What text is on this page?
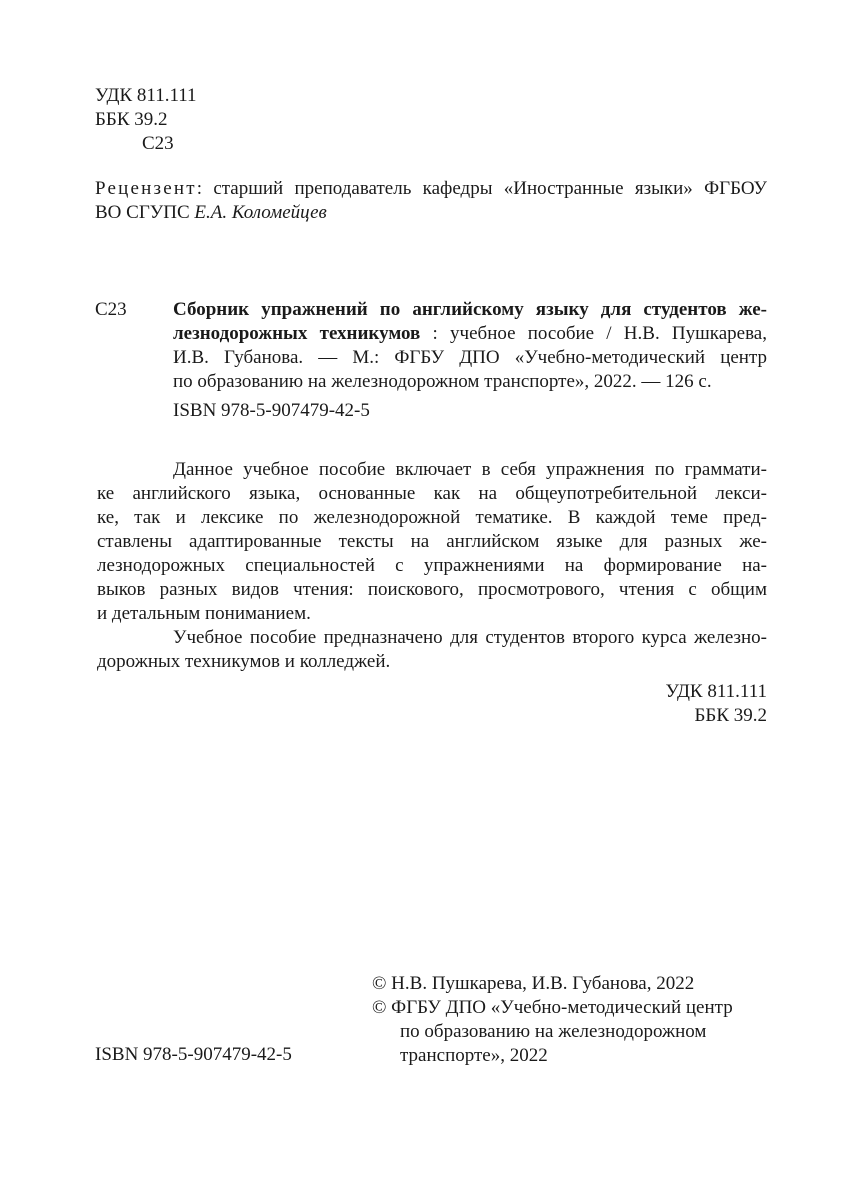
УДК 811.111
ББК 39.2
С23
Рецензент: старший преподаватель кафедры «Иностранные языки» ФГБОУ
ВО СГУПС Е.А. Коломейцев
С23 Сборник упражнений по английскому языку для студентов же-
лезнодорожных техникумов : учебное пособие / Н.В. Пушкарева,
И.В. Губанова. — М.: ФГБУ ДПО «Учебно-методический центр
по образованию на железнодорожном транспорте», 2022. — 126 с.
ISBN 978-5-907479-42-5
Данное учебное пособие включает в себя упражнения по граммати-
ке английского языка, основанные как на общеупотребительной лекси-
ке, так и лексике по железнодорожной тематике. В каждой теме пред-
ставлены адаптированные тексты на английском языке для разных же-
лезнодорожных специальностей с упражнениями на формирование на-
выков разных видов чтения: поискового, просмотрового, чтения с общим
и детальным пониманием.
Учебное пособие предназначено для студентов второго курса железно-
дорожных техникумов и колледжей.
УДК 811.111
ББК 39.2
© Н.В. Пушкарева, И.В. Губанова, 2022
© ФГБУ ДПО «Учебно-методический центр
по образованию на железнодорожном
транспорте», 2022
ISBN 978-5-907479-42-5
